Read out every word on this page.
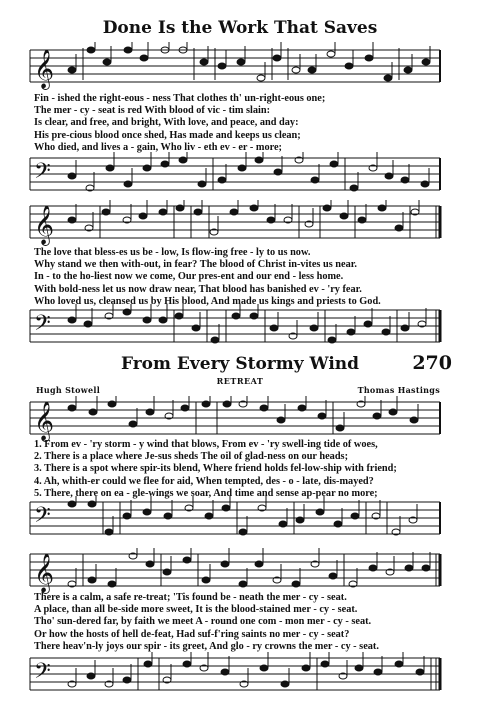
Done Is the Work That Saves
𝄞
Fin - ished the right-eous - ness That clothes th' un-right-eous one;
The mer - cy - seat is red With blood of vic - tim slain:
Is clear, and free, and bright, With love, and peace, and day:
His pre-cious blood once shed, Has made and keeps us clean;
Who died, and lives a - gain, Who liv - eth ev - er - more;
𝄢
𝄞
The love that bless-es us be - low, Is flow-ing free - ly to us now.
Why stand we then with-out, in fear? The blood of Christ in-vites us near.
In - to the ho-liest now we come, Our pres-ent and our end - less home.
With bold-ness let us now draw near, That blood has banished ev - 'ry fear.
Who loved us, cleansed us by His blood, And made us kings and priests to God.
𝄢
From Every Stormy Wind	270
RETREAT
Hugh Stowell	Thomas Hastings
𝄞
1. From ev - 'ry storm - y wind that blows, From ev - 'ry swell-ing tide of woes,
2. There is a place where Je-sus sheds The oil of glad-ness on our heads;
3. There is a spot where spir-its blend, Where friend holds fel-low-ship with friend;
4. Ah, whith-er could we flee for aid, When tempted, des - o - late, dis-mayed?
5. There, there on ea - gle-wings we soar, And time and sense ap-pear no more;
𝄢
𝄞
There is a calm, a safe re-treat; 'Tis found be - neath the mer - cy - seat.
A place, than all be-side more sweet, It is the blood-stained mer - cy - seat.
Tho' sun-dered far, by faith we meet A - round one com - mon mer - cy - seat.
Or how the hosts of hell de-feat, Had suf-f'ring saints no mer - cy - seat?
There heav'n-ly joys our spir - its greet, And glo - ry crowns the mer - cy - seat.
𝄢
